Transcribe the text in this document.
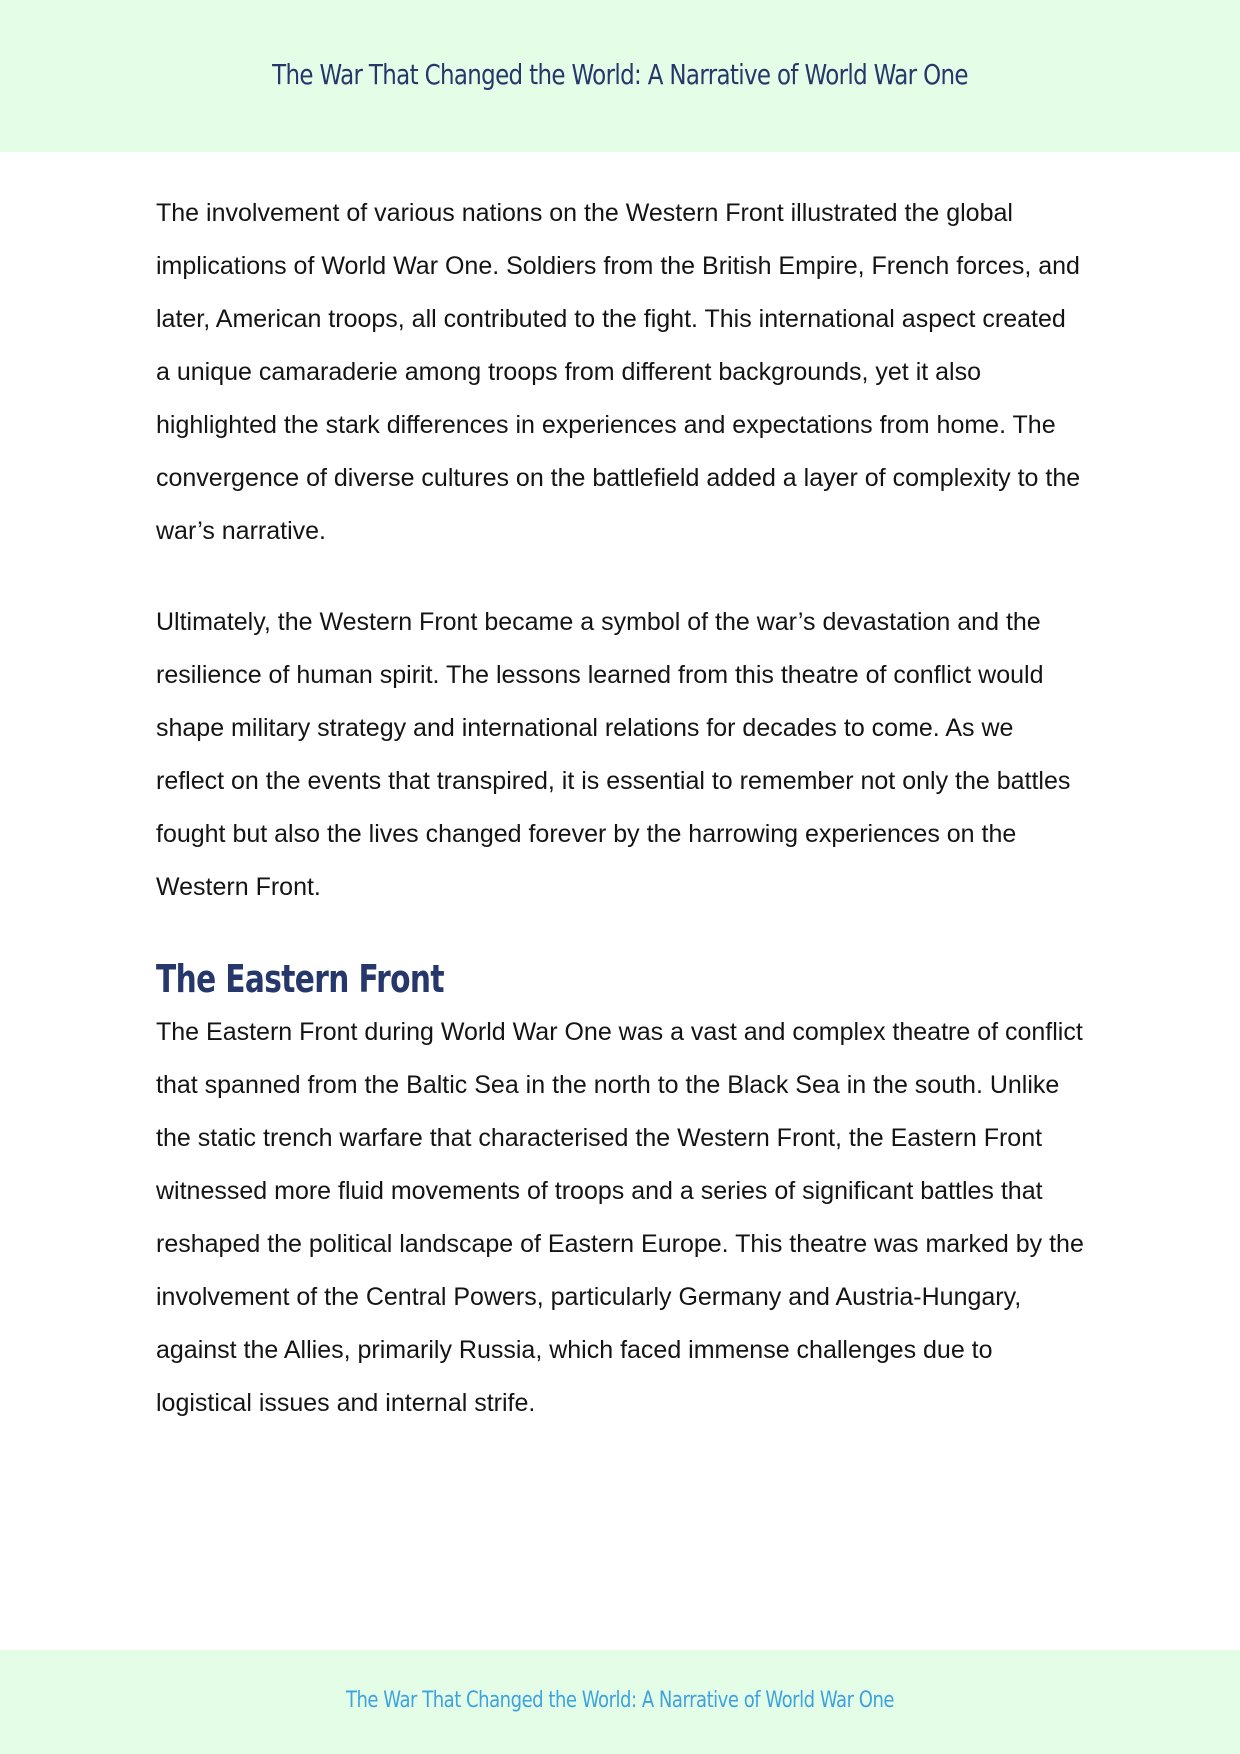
The War That Changed the World: A Narrative of World War One

The involvement of various nations on the Western Front illustrated the global implications of World War One. Soldiers from the British Empire, French forces, and later, American troops, all contributed to the fight. This international aspect created a unique camaraderie among troops from different backgrounds, yet it also highlighted the stark differences in experiences and expectations from home. The convergence of diverse cultures on the battlefield added a layer of complexity to the war’s narrative.

Ultimately, the Western Front became a symbol of the war’s devastation and the resilience of human spirit. The lessons learned from this theatre of conflict would shape military strategy and international relations for decades to come. As we reflect on the events that transpired, it is essential to remember not only the battles fought but also the lives changed forever by the harrowing experiences on the Western Front.

The Eastern Front

The Eastern Front during World War One was a vast and complex theatre of conflict that spanned from the Baltic Sea in the north to the Black Sea in the south. Unlike the static trench warfare that characterised the Western Front, the Eastern Front witnessed more fluid movements of troops and a series of significant battles that reshaped the political landscape of Eastern Europe. This theatre was marked by the involvement of the Central Powers, particularly Germany and Austria-Hungary, against the Allies, primarily Russia, which faced immense challenges due to logistical issues and internal strife.

The War That Changed the World: A Narrative of World War One
